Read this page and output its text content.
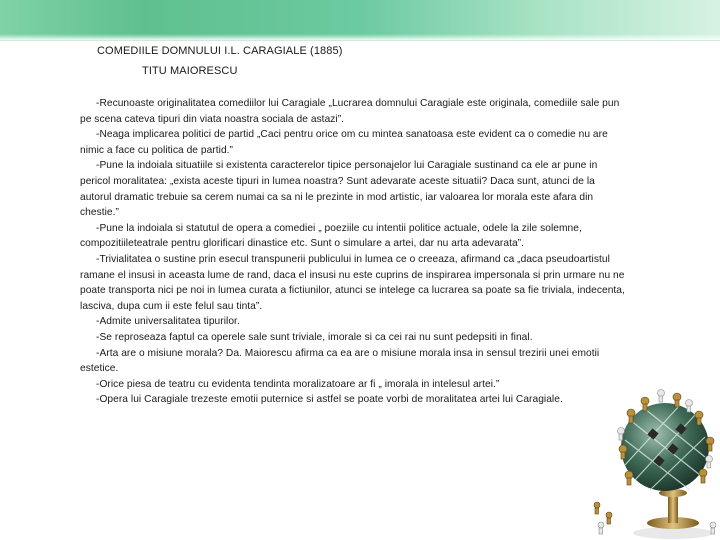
COMEDIILE DOMNULUI I.L. CARAGIALE (1885)
TITU MAIORESCU

-Recunoaste originalitatea comediilor lui Caragiale „Lucrarea domnului Caragiale este originala, comediile sale pun pe scena cateva tipuri din viata noastra sociala de astazi”.

-Neaga implicarea politici de partid „Caci pentru orice om cu mintea sanatoasa este evident ca o comedie nu are nimic a face cu politica de partid.”

-Pune la indoiala situatiile si existenta caracterelor tipice personajelor lui Caragiale sustinand ca ele ar pune in pericol moralitatea: „exista aceste tipuri in lumea noastra? Sunt adevarate aceste situatii? Daca sunt, atunci de la autorul dramatic trebuie sa cerem numai ca sa ni le prezinte in mod artistic, iar valoarea lor morala este afara din chestie.”

-Pune la indoiala si statutul de opera a comediei „ poeziile cu intentii politice actuale, odele la zile solemne, compozitiileteatrale pentru glorificari dinastice etc. Sunt o simulare a artei, dar nu arta adevarata”.

-Trivialitatea o sustine prin esecul transpunerii publicului in lumea ce o creeaza, afirmand ca „daca pseudoartistul ramane el insusi in aceasta lume de rand, daca el insusi nu este cuprins de inspirarea impersonala si prin urmare nu ne poate transporta nici pe noi in lumea curata a fictiunilor, atunci se intelege ca lucrarea sa poate sa fie triviala, indecenta, lasciva, dupa cum ii este felul sau tinta”.

-Admite universalitatea tipurilor.

-Se reproseaza faptul ca operele sale sunt triviale, imorale si ca cei rai nu sunt pedepsiti in final.

-Arta are o misiune morala? Da. Maiorescu afirma ca ea are o misiune morala insa in sensul trezirii unei emotii estetice.

-Orice piesa de teatru cu evidenta tendinta moralizatoare ar fi „ imorala in intelesul artei.”

-Opera lui Caragiale trezeste emotii puternice si astfel se poate vorbi de moralitatea artei lui Caragiale.
